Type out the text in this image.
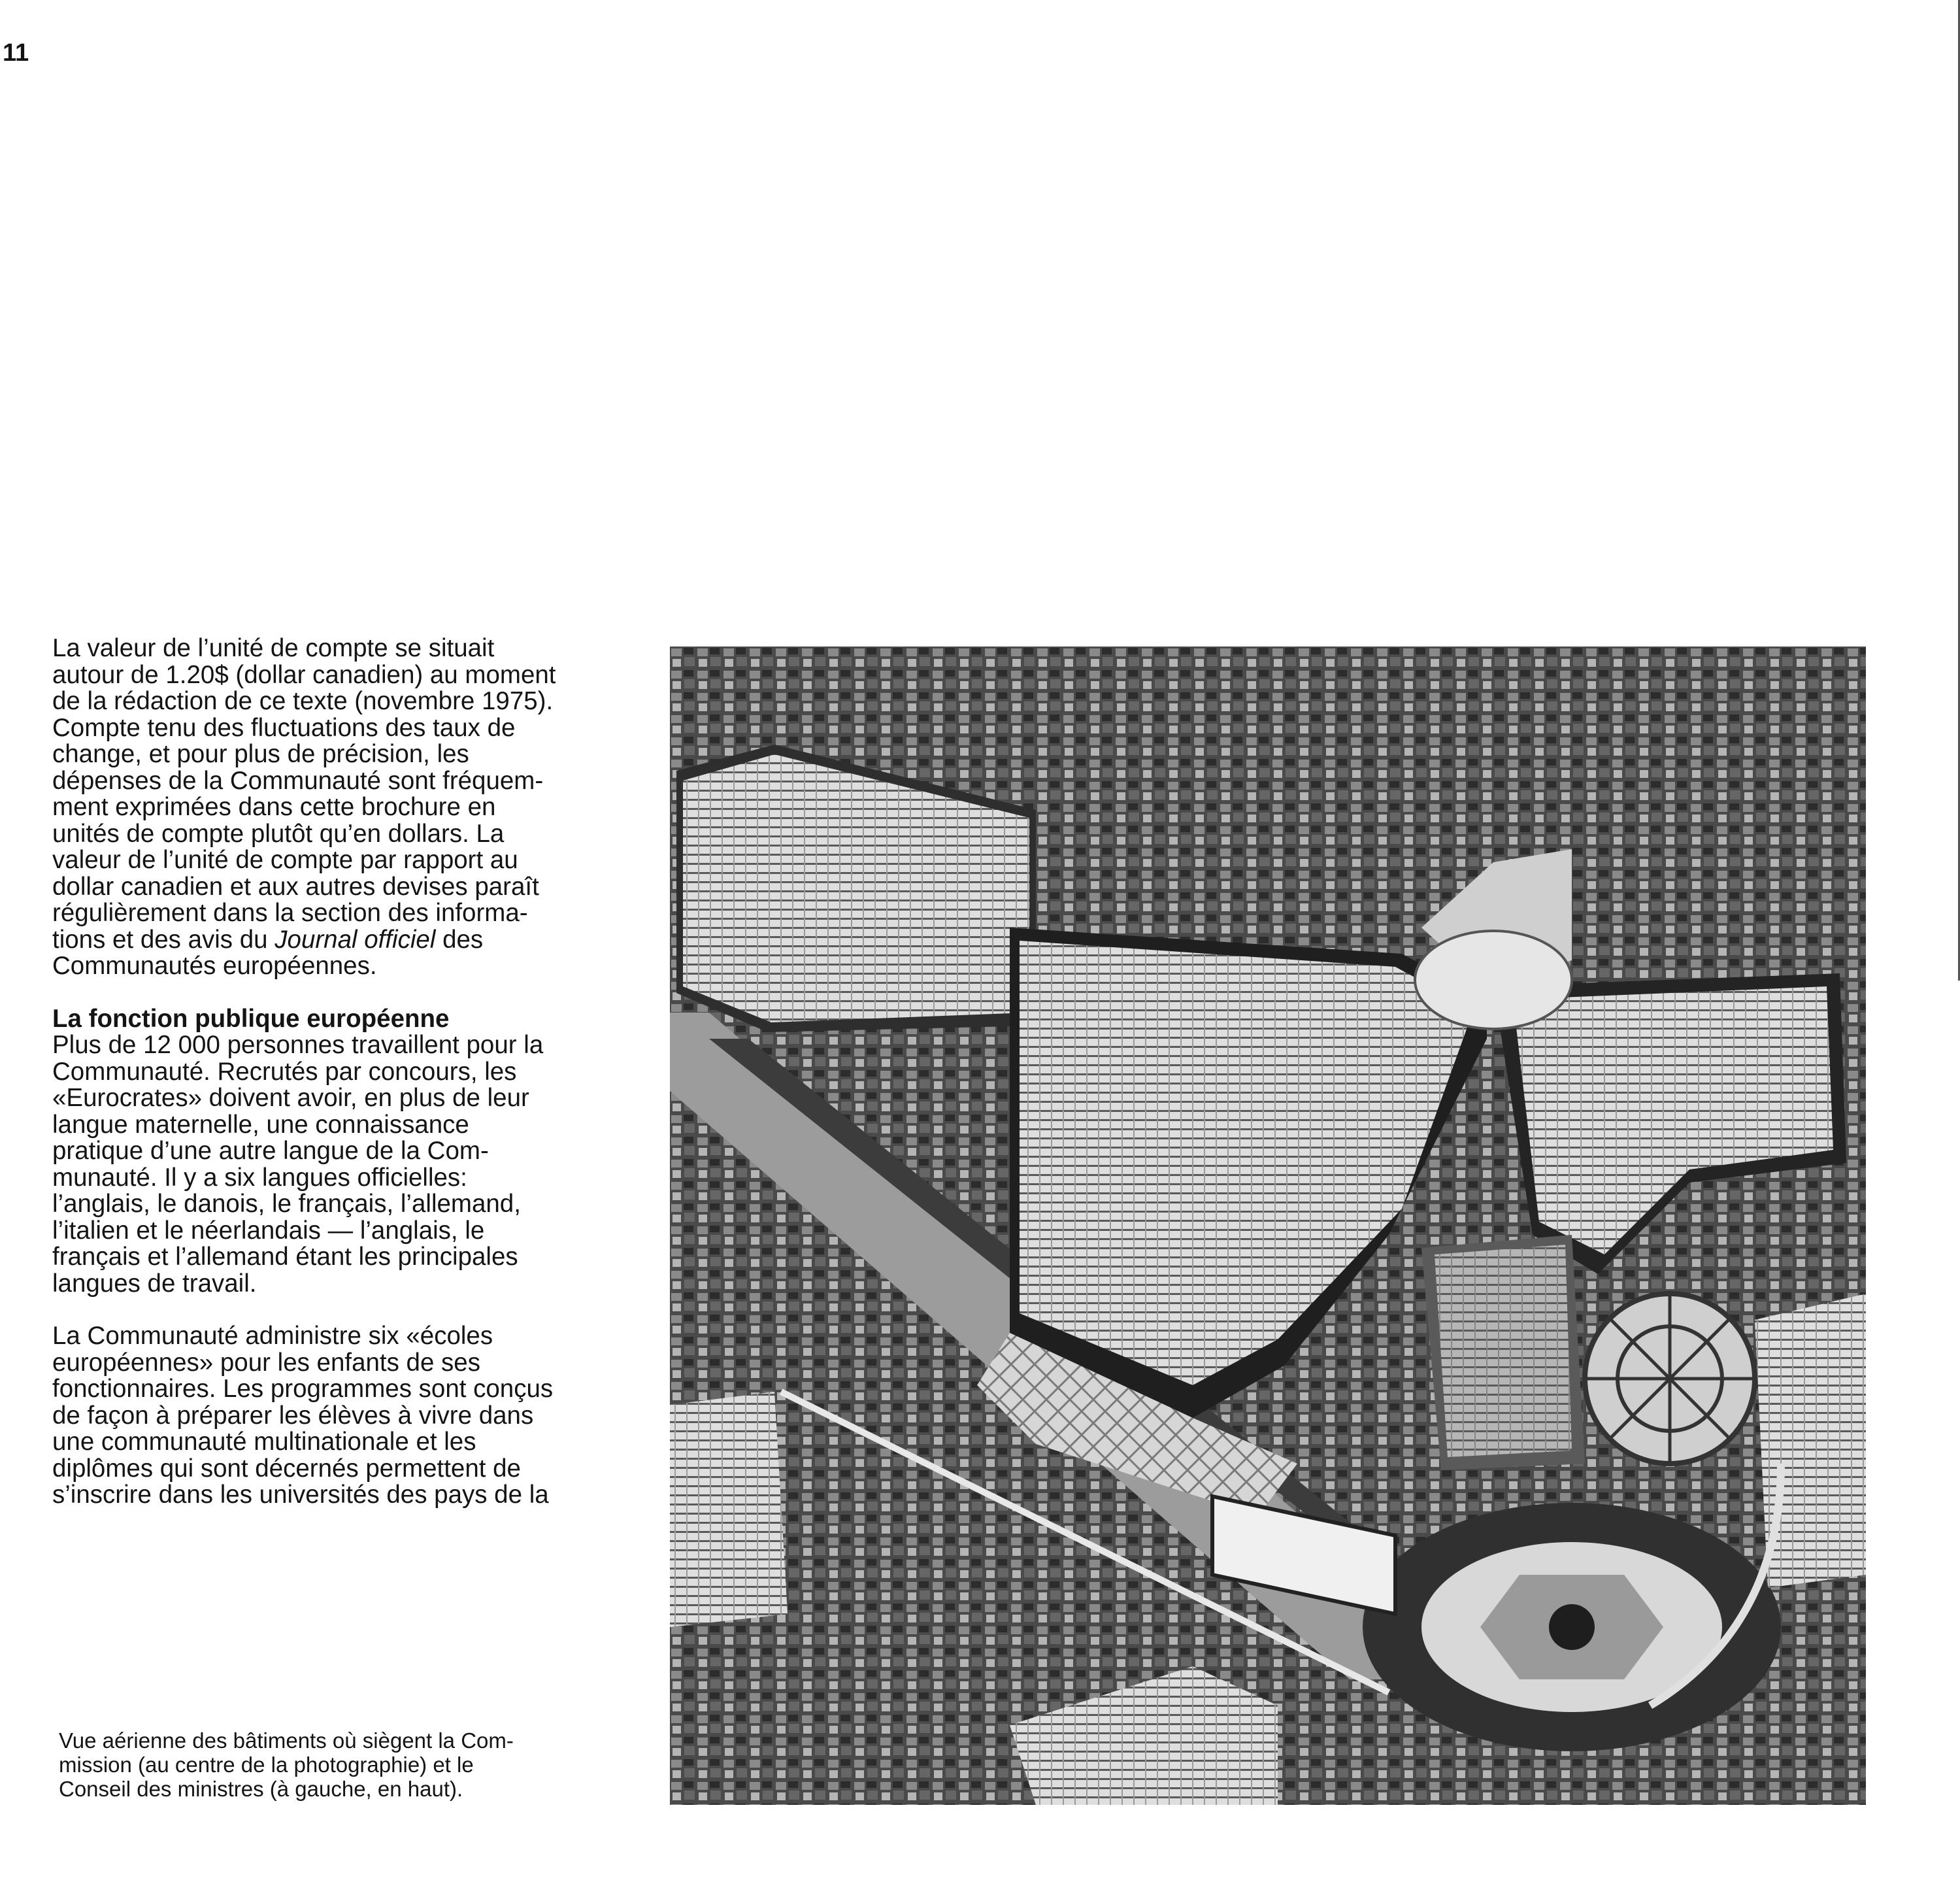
11

La valeur de l’unité de compte se situait
autour de 1.20$ (dollar canadien) au moment
de la rédaction de ce texte (novembre 1975).
Compte tenu des fluctuations des taux de
change, et pour plus de précision, les
dépenses de la Communauté sont fréquem-
ment exprimées dans cette brochure en
unités de compte plutôt qu’en dollars. La
valeur de l’unité de compte par rapport au
dollar canadien et aux autres devises paraît
régulièrement dans la section des informa-
tions et des avis du Journal officiel des
Communautés européennes.

La fonction publique européenne
Plus de 12 000 personnes travaillent pour la
Communauté. Recrutés par concours, les
«Eurocrates» doivent avoir, en plus de leur
langue maternelle, une connaissance
pratique d’une autre langue de la Com-
munauté. Il y a six langues officielles:
l’anglais, le danois, le français, l’allemand,
l’italien et le néerlandais — l’anglais, le
français et l’allemand étant les principales
langues de travail.

La Communauté administre six «écoles
européennes» pour les enfants de ses
fonctionnaires. Les programmes sont conçus
de façon à préparer les élèves à vivre dans
une communauté multinationale et les
diplômes qui sont décernés permettent de
s’inscrire dans les universités des pays de la

Vue aérienne des bâtiments où siègent la Com-
mission (au centre de la photographie) et le
Conseil des ministres (à gauche, en haut).
